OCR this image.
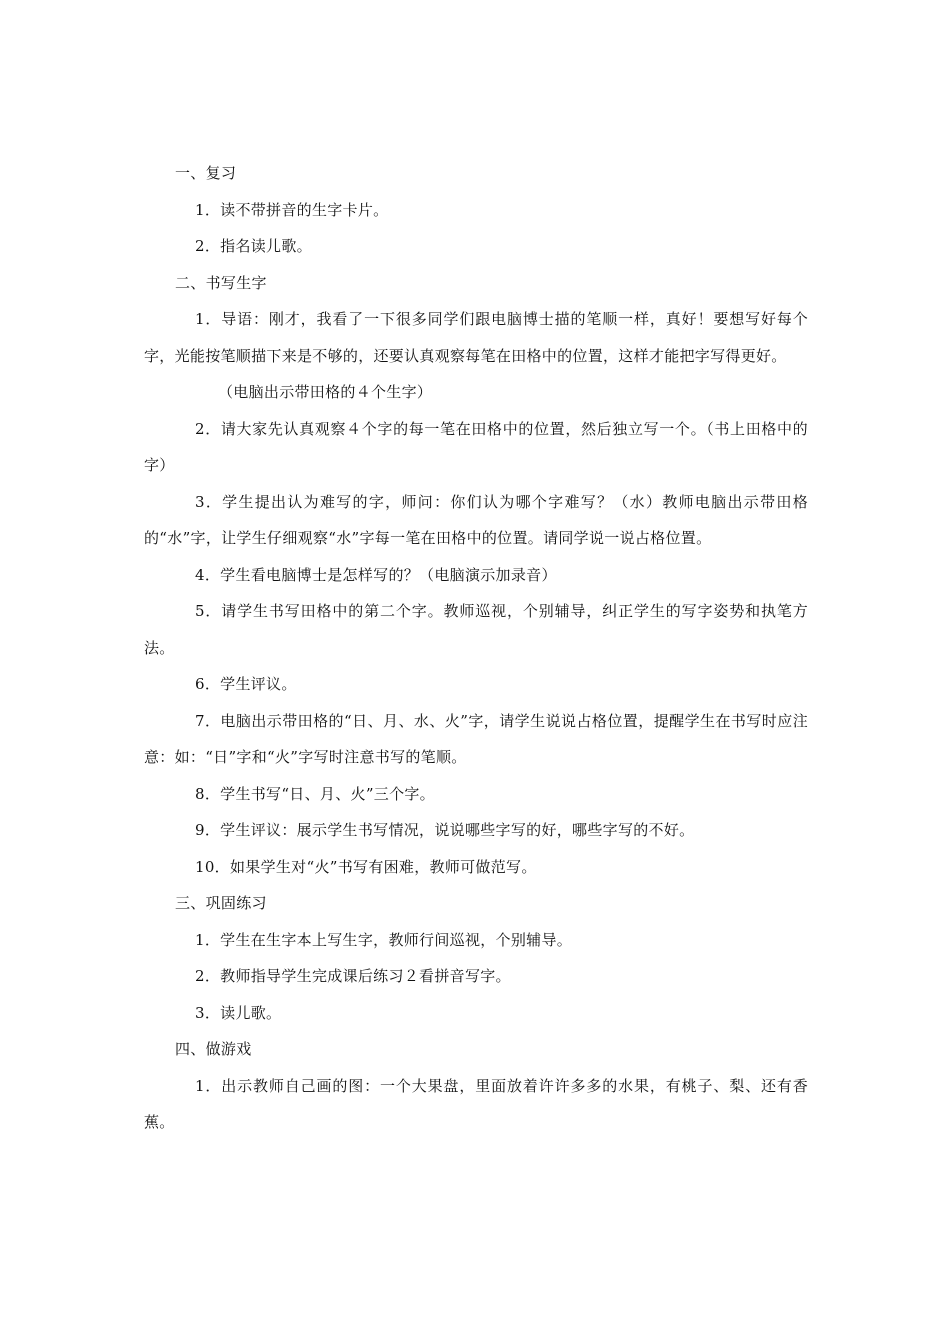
一、复习

1．读不带拼音的生字卡片。

2．指名读儿歌。

二、书写生字

1．导语：刚才，我看了一下很多同学们跟电脑博士描的笔顺一样，真好！要想写好每个字，光能按笔顺描下来是不够的，还要认真观察每笔在田格中的位置，这样才能把字写得更好。

（电脑出示带田格的４个生字）

2．请大家先认真观察４个字的每一笔在田格中的位置，然后独立写一个。（书上田格中的字）

3．学生提出认为难写的字，师问：你们认为哪个字难写？（水）教师电脑出示带田格的“水”字，让学生仔细观察“水”字每一笔在田格中的位置。请同学说一说占格位置。

4．学生看电脑博士是怎样写的？（电脑演示加录音）

5．请学生书写田格中的第二个字。教师巡视，个别辅导，纠正学生的写字姿势和执笔方法。

6．学生评议。

7．电脑出示带田格的“日、月、水、火”字，请学生说说占格位置，提醒学生在书写时应注意：如：“日”字和“火”字写时注意书写的笔顺。

8．学生书写“日、月、火”三个字。

9．学生评议：展示学生书写情况，说说哪些字写的好，哪些字写的不好。

10．如果学生对“火”书写有困难，教师可做范写。

三、巩固练习

1．学生在生字本上写生字，教师行间巡视，个别辅导。

2．教师指导学生完成课后练习２看拼音写字。

3．读儿歌。

四、做游戏

1．出示教师自己画的图：一个大果盘，里面放着许许多多的水果，有桃子、梨、还有香蕉。
